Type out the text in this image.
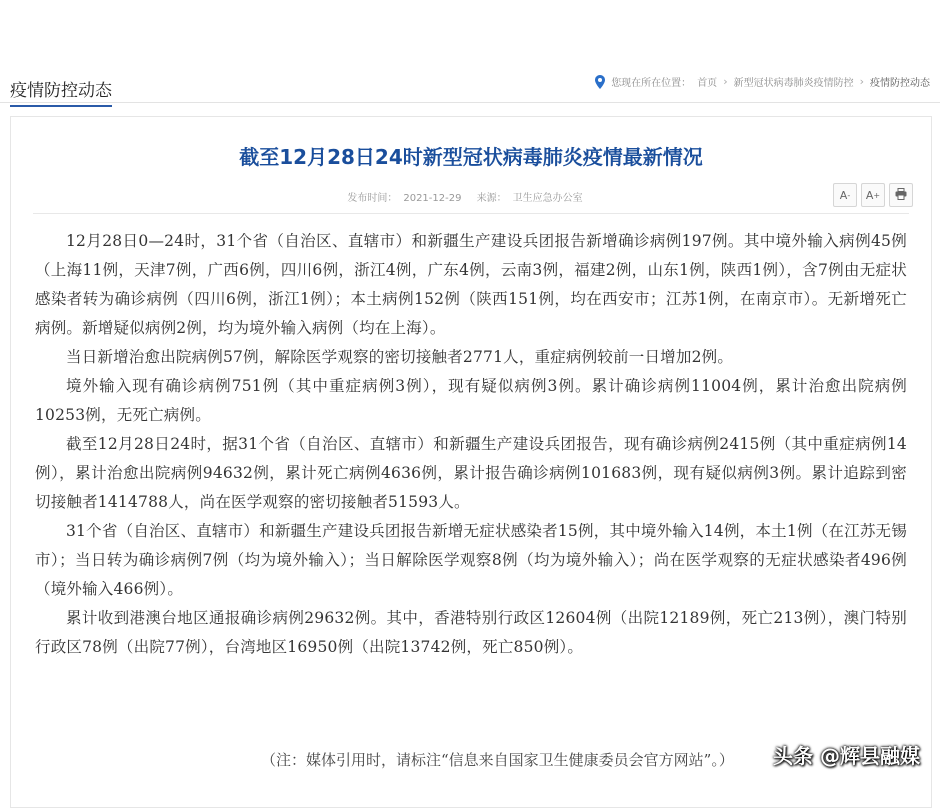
疫情防控动态	您现在所在位置： 首页 › 新型冠状病毒肺炎疫情防控 › 疫情防控动态
截至12月28日24时新型冠状病毒肺炎疫情最新情况
发布时间： 2021-12-29 来源： 卫生应急办公室	A - A +

12月28日0—24时，31个省（自治区、直辖市）和新疆生产建设兵团报告新增确诊病例197例。其中境外输入病例45例（上海11例，天津7例，广西6例，四川6例，浙江4例，广东4例，云南3例，福建2例，山东1例，陕西1例），含7例由无症状感染者转为确诊病例（四川6例，浙江1例）；本土病例152例（陕西151例，均在西安市；江苏1例，在南京市）。无新增死亡病例。新增疑似病例2例，均为境外输入病例（均在上海）。

当日新增治愈出院病例57例，解除医学观察的密切接触者2771人，重症病例较前一日增加2例。

境外输入现有确诊病例751例（其中重症病例3例），现有疑似病例3例。累计确诊病例11004例，累计治愈出院病例10253例，无死亡病例。

截至12月28日24时，据31个省（自治区、直辖市）和新疆生产建设兵团报告，现有确诊病例2415例（其中重症病例14例），累计治愈出院病例94632例，累计死亡病例4636例，累计报告确诊病例101683例，现有疑似病例3例。累计追踪到密切接触者1414788人，尚在医学观察的密切接触者51593人。

31个省（自治区、直辖市）和新疆生产建设兵团报告新增无症状感染者15例，其中境外输入14例，本土1例（在江苏无锡市）；当日转为确诊病例7例（均为境外输入）；当日解除医学观察8例（均为境外输入）；尚在医学观察的无症状感染者496例（境外输入466例）。

累计收到港澳台地区通报确诊病例29632例。其中，香港特别行政区12604例（出院12189例，死亡213例），澳门特别行政区78例（出院77例），台湾地区16950例（出院13742例，死亡850例）。

（注：媒体引用时，请标注“信息来自国家卫生健康委员会官方网站”。） 头条 @辉县融媒
